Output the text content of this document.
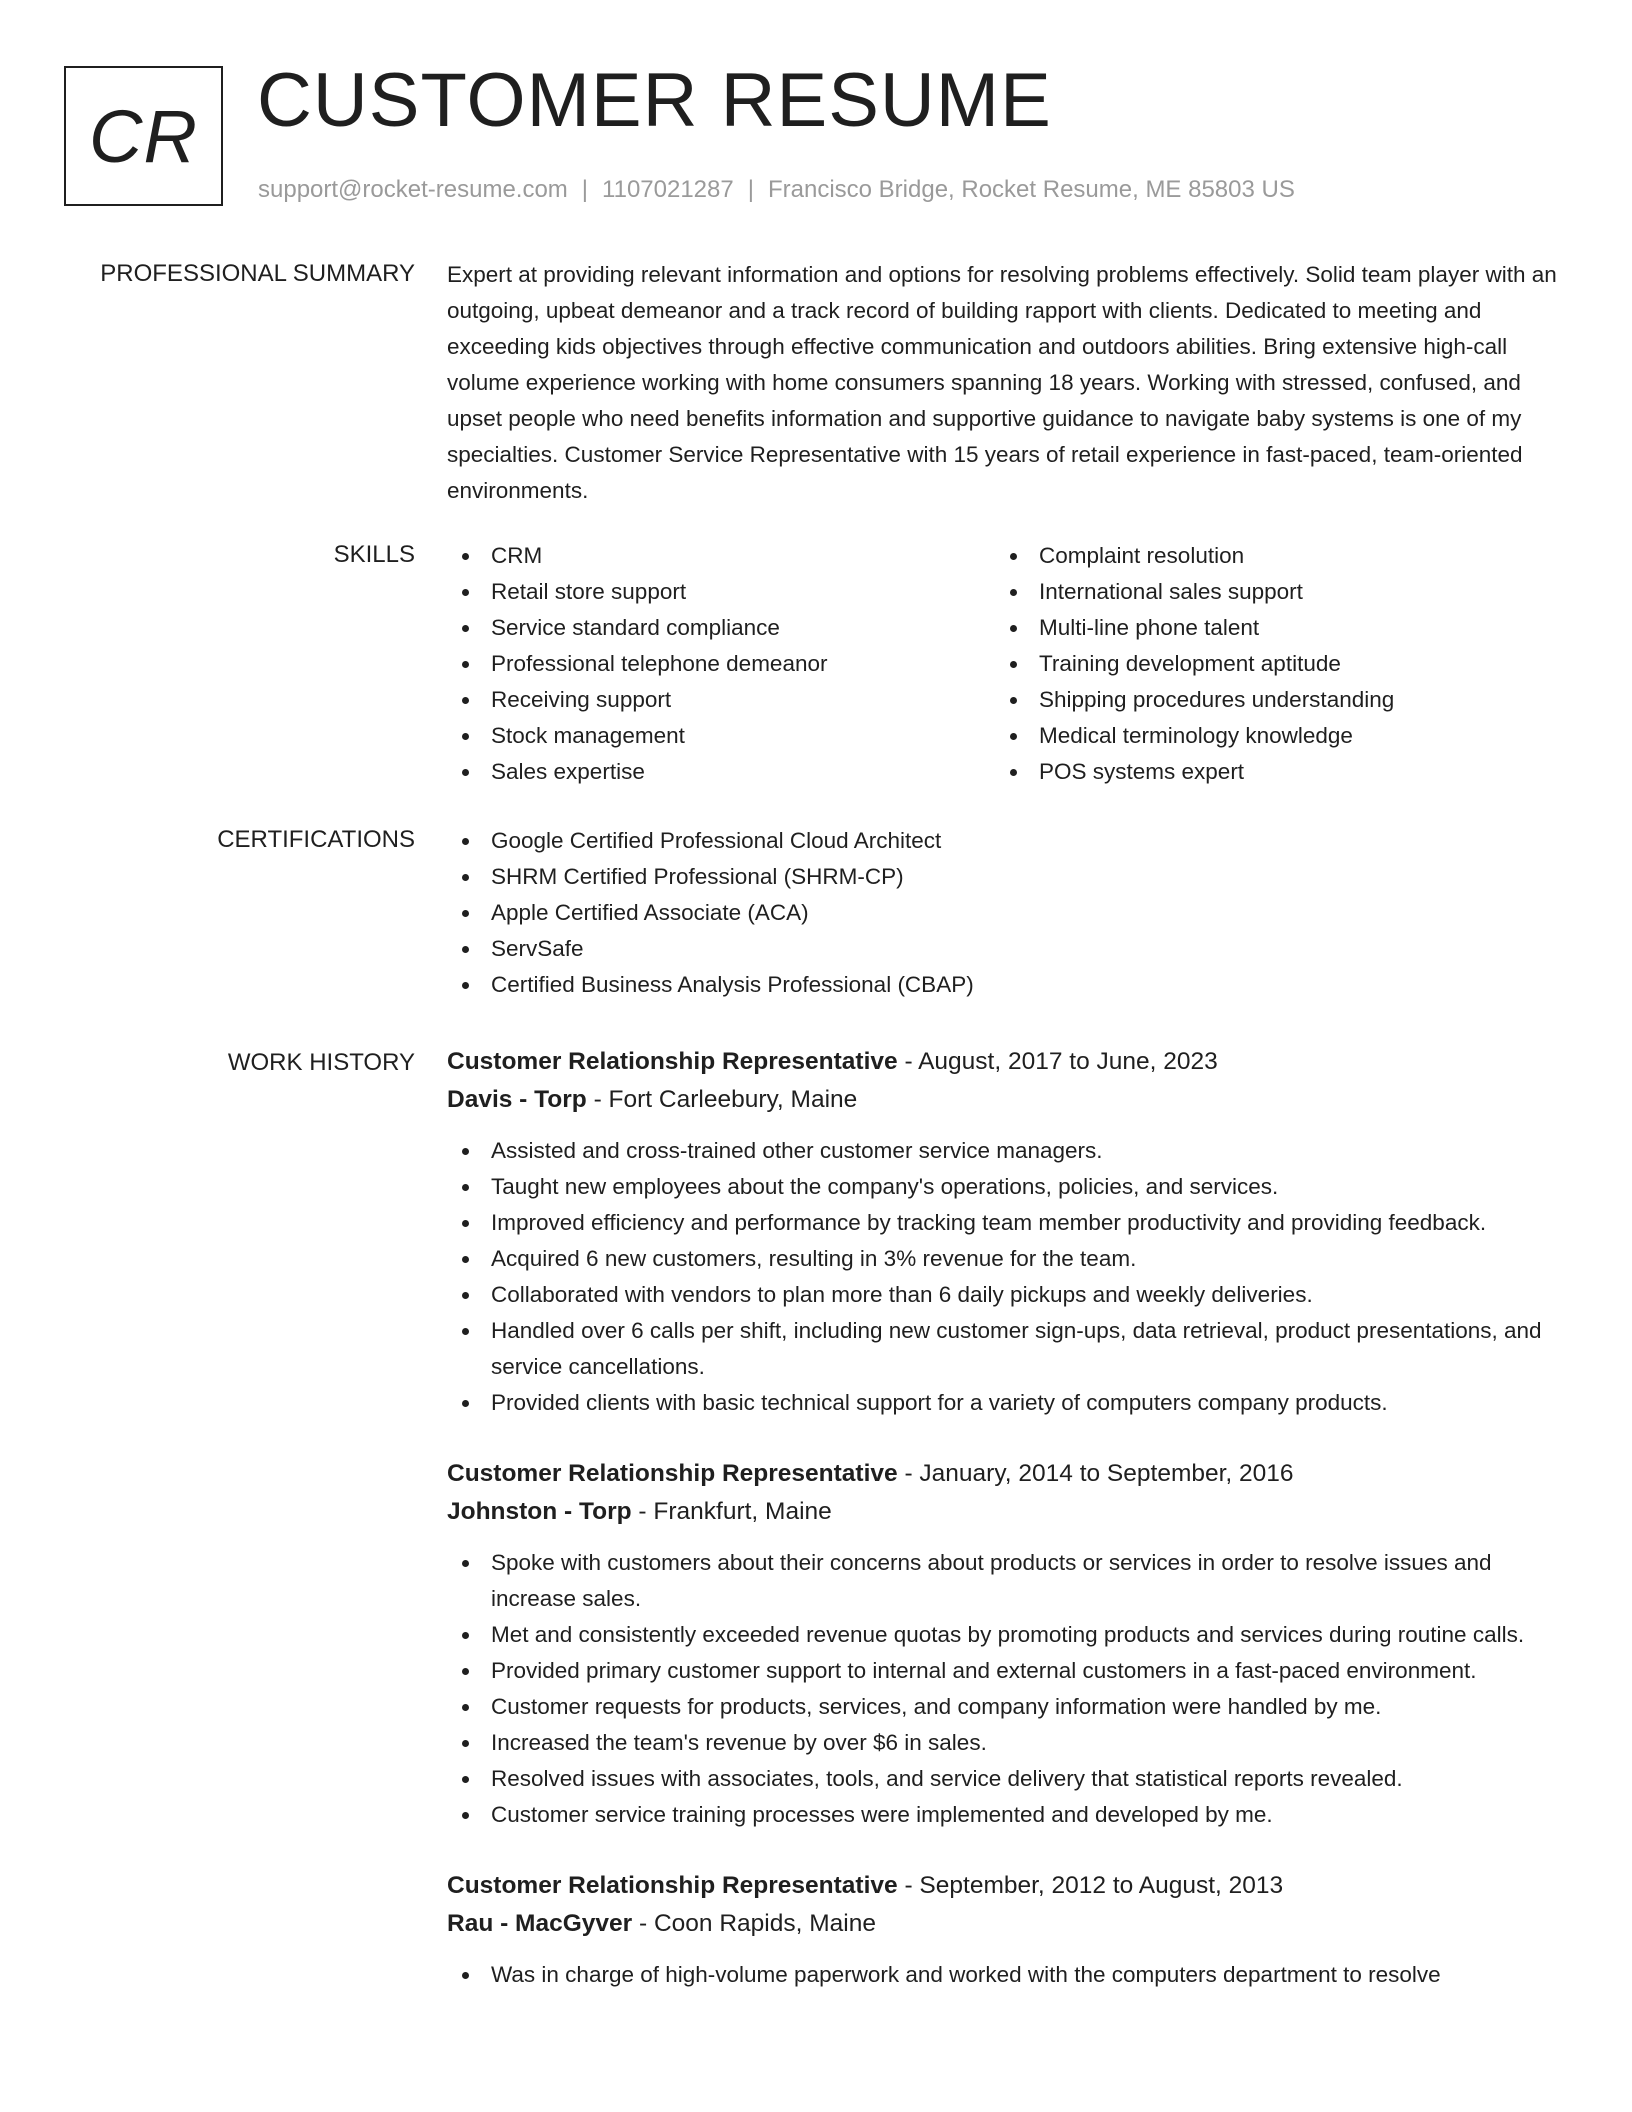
CR CUSTOMER RESUME
support@rocket-resume.com | 1107021287 | Francisco Bridge, Rocket Resume, ME 85803 US
PROFESSIONAL SUMMARY Expert at providing relevant information and options for resolving problems effectively. Solid team player with an outgoing, upbeat demeanor and a track record of building rapport with clients. Dedicated to meeting and exceeding kids objectives through effective communication and outdoors abilities. Bring extensive high-call volume experience working with home consumers spanning 18 years. Working with stressed, confused, and upset people who need benefits information and supportive guidance to navigate baby systems is one of my specialties. Customer Service Representative with 15 years of retail experience in fast-paced, team-oriented environments.

SKILLS	CRM
Retail store support
Service standard compliance
Professional telephone demeanor
Receiving support
Stock management
Sales expertise
Complaint resolution
International sales support
Multi-line phone talent
Training development aptitude
Shipping procedures understanding
Medical terminology knowledge
POS systems expert
CERTIFICATIONS	Google Certified Professional Cloud Architect
SHRM Certified Professional (SHRM-CP)
Apple Certified Associate (ACA)
ServSafe
Certified Business Analysis Professional (CBAP)
WORK HISTORY Customer Relationship Representative - August, 2017 to June, 2023
Davis - Torp - Fort Carleebury, Maine
Assisted and cross-trained other customer service managers.
Taught new employees about the company's operations, policies, and services.
Improved efficiency and performance by tracking team member productivity and providing feedback.
Acquired 6 new customers, resulting in 3% revenue for the team.
Collaborated with vendors to plan more than 6 daily pickups and weekly deliveries.
Handled over 6 calls per shift, including new customer sign-ups, data retrieval, product presentations, and service cancellations.
Provided clients with basic technical support for a variety of computers company products.
Customer Relationship Representative - January, 2014 to September, 2016
Johnston - Torp - Frankfurt, Maine
Spoke with customers about their concerns about products or services in order to resolve issues and increase sales.
Met and consistently exceeded revenue quotas by promoting products and services during routine calls.
Provided primary customer support to internal and external customers in a fast-paced environment.
Customer requests for products, services, and company information were handled by me.
Increased the team's revenue by over $6 in sales.
Resolved issues with associates, tools, and service delivery that statistical reports revealed.
Customer service training processes were implemented and developed by me.
Customer Relationship Representative - September, 2012 to August, 2013
Rau - MacGyver - Coon Rapids, Maine
Was in charge of high-volume paperwork and worked with the computers department to resolve
